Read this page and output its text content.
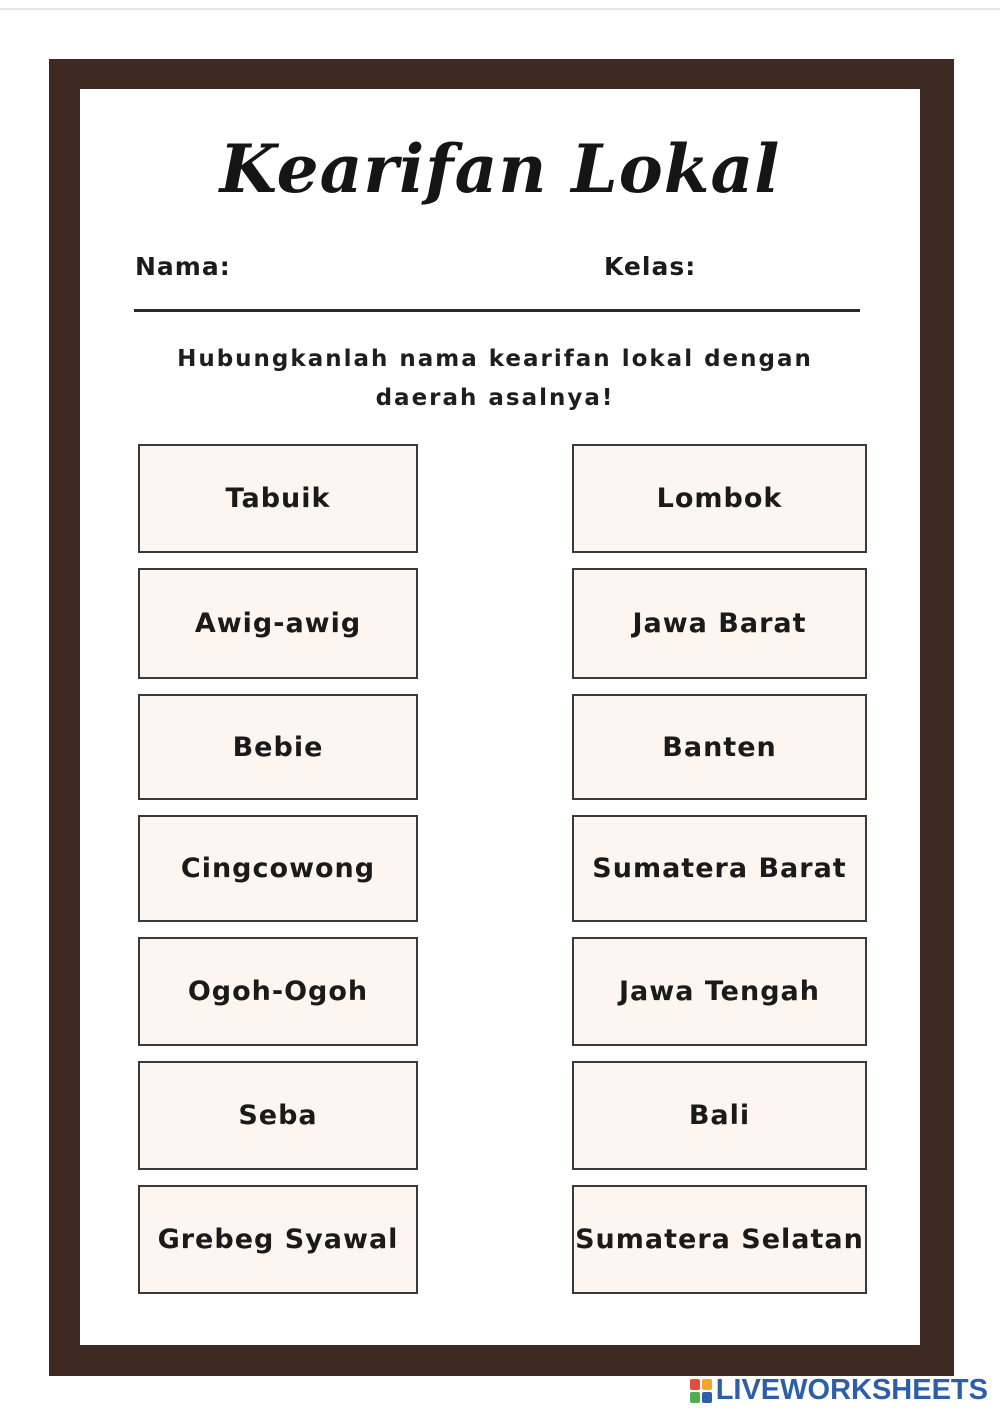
Kearifan Lokal
Nama:	Kelas:
Hubungkanlah nama kearifan lokal dengan daerah asalnya!
Tabuik
Awig-awig
Bebie
Cingcowong
Ogoh-Ogoh
Seba
Grebeg Syawal
Lombok
Jawa Barat
Banten
Sumatera Barat
Jawa Tengah
Bali
Sumatera Selatan
LIVEWORKSHEETS
